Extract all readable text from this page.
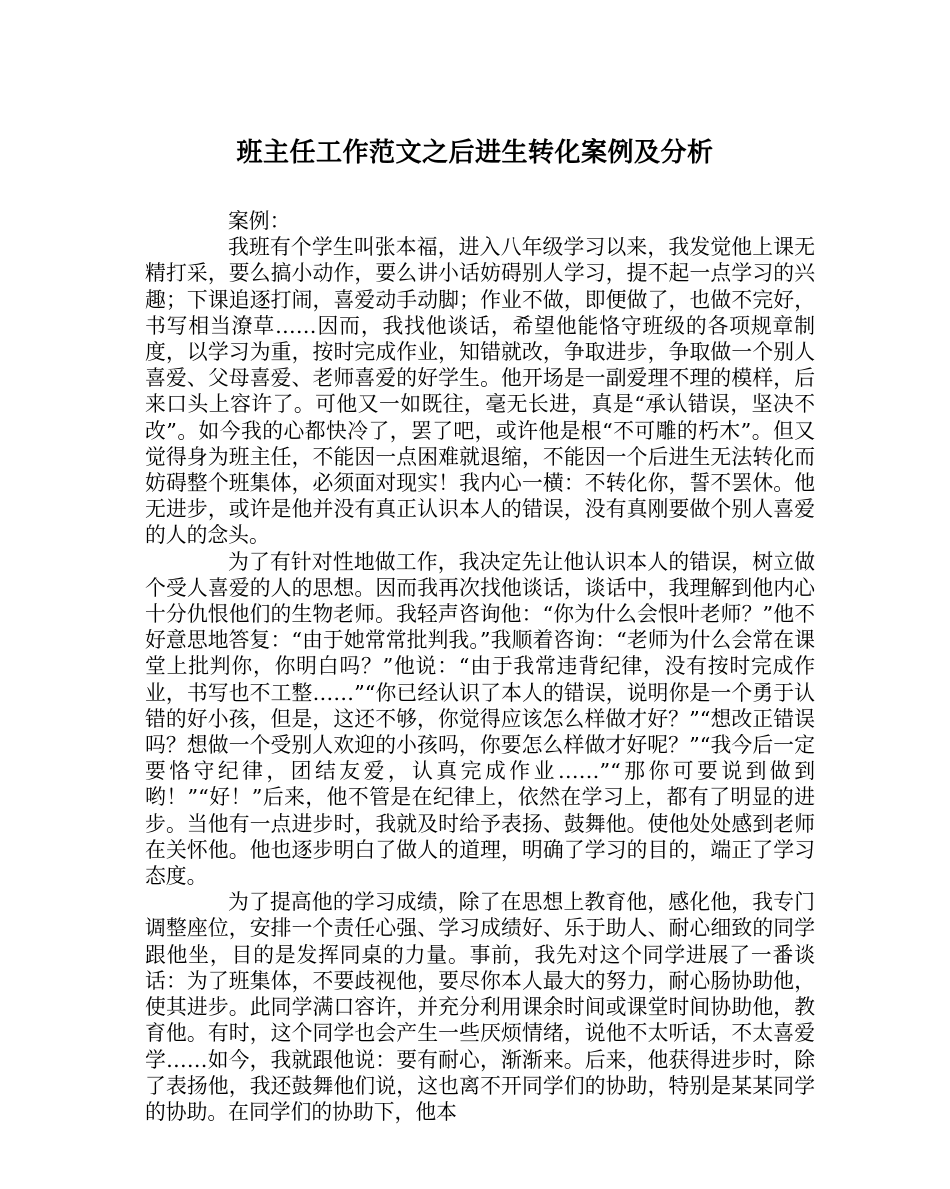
班主任工作范文之后进生转化案例及分析

案例：

我班有个学生叫张本福，进入八年级学习以来，我发觉他上课无精打采，要么搞小动作，要么讲小话妨碍别人学习，提不起一点学习的兴趣；下课追逐打闹，喜爱动手动脚；作业不做，即便做了，也做不完好，书写相当潦草……因而，我找他谈话，希望他能恪守班级的各项规章制度，以学习为重，按时完成作业，知错就改，争取进步，争取做一个别人喜爱、父母喜爱、老师喜爱的好学生。他开场是一副爱理不理的模样，后来口头上容许了。可他又一如既往，毫无长进，真是“承认错误，坚决不改”。如今我的心都快冷了，罢了吧，或许他是根“不可雕的朽木”。但又觉得身为班主任，不能因一点困难就退缩，不能因一个后进生无法转化而妨碍整个班集体，必须面对现实！我内心一横：不转化你，誓不罢休。他无进步，或许是他并没有真正认识本人的错误，没有真刚要做个别人喜爱的人的念头。

为了有针对性地做工作，我决定先让他认识本人的错误，树立做个受人喜爱的人的思想。因而我再次找他谈话，谈话中，我理解到他内心十分仇恨他们的生物老师。我轻声咨询他：“你为什么会恨叶老师？”他不好意思地答复：“由于她常常批判我。”我顺着咨询：“老师为什么会常在课堂上批判你，你明白吗？”他说：“由于我常违背纪律，没有按时完成作业，书写也不工整……”“你已经认识了本人的错误，说明你是一个勇于认错的好小孩，但是，这还不够，你觉得应该怎么样做才好？”“想改正错误吗？想做一个受别人欢迎的小孩吗，你要怎么样做才好呢？”“我今后一定要恪守纪律，团结友爱，认真完成作业……”“那你可要说到做到哟！”“好！”后来，他不管是在纪律上，依然在学习上，都有了明显的进步。当他有一点进步时，我就及时给予表扬、鼓舞他。使他处处感到老师在关怀他。他也逐步明白了做人的道理，明确了学习的目的，端正了学习态度。

为了提高他的学习成绩，除了在思想上教育他，感化他，我专门调整座位，安排一个责任心强、学习成绩好、乐于助人、耐心细致的同学跟他坐，目的是发挥同桌的力量。事前，我先对这个同学进展了一番谈话：为了班集体，不要歧视他，要尽你本人最大的努力，耐心肠协助他，使其进步。此同学满口容许，并充分利用课余时间或课堂时间协助他，教育他。有时，这个同学也会产生一些厌烦情绪，说他不太听话，不太喜爱学……如今，我就跟他说：要有耐心，渐渐来。后来，他获得进步时，除了表扬他，我还鼓舞他们说，这也离不开同学们的协助，特别是某某同学的协助。在同学们的协助下，他本
